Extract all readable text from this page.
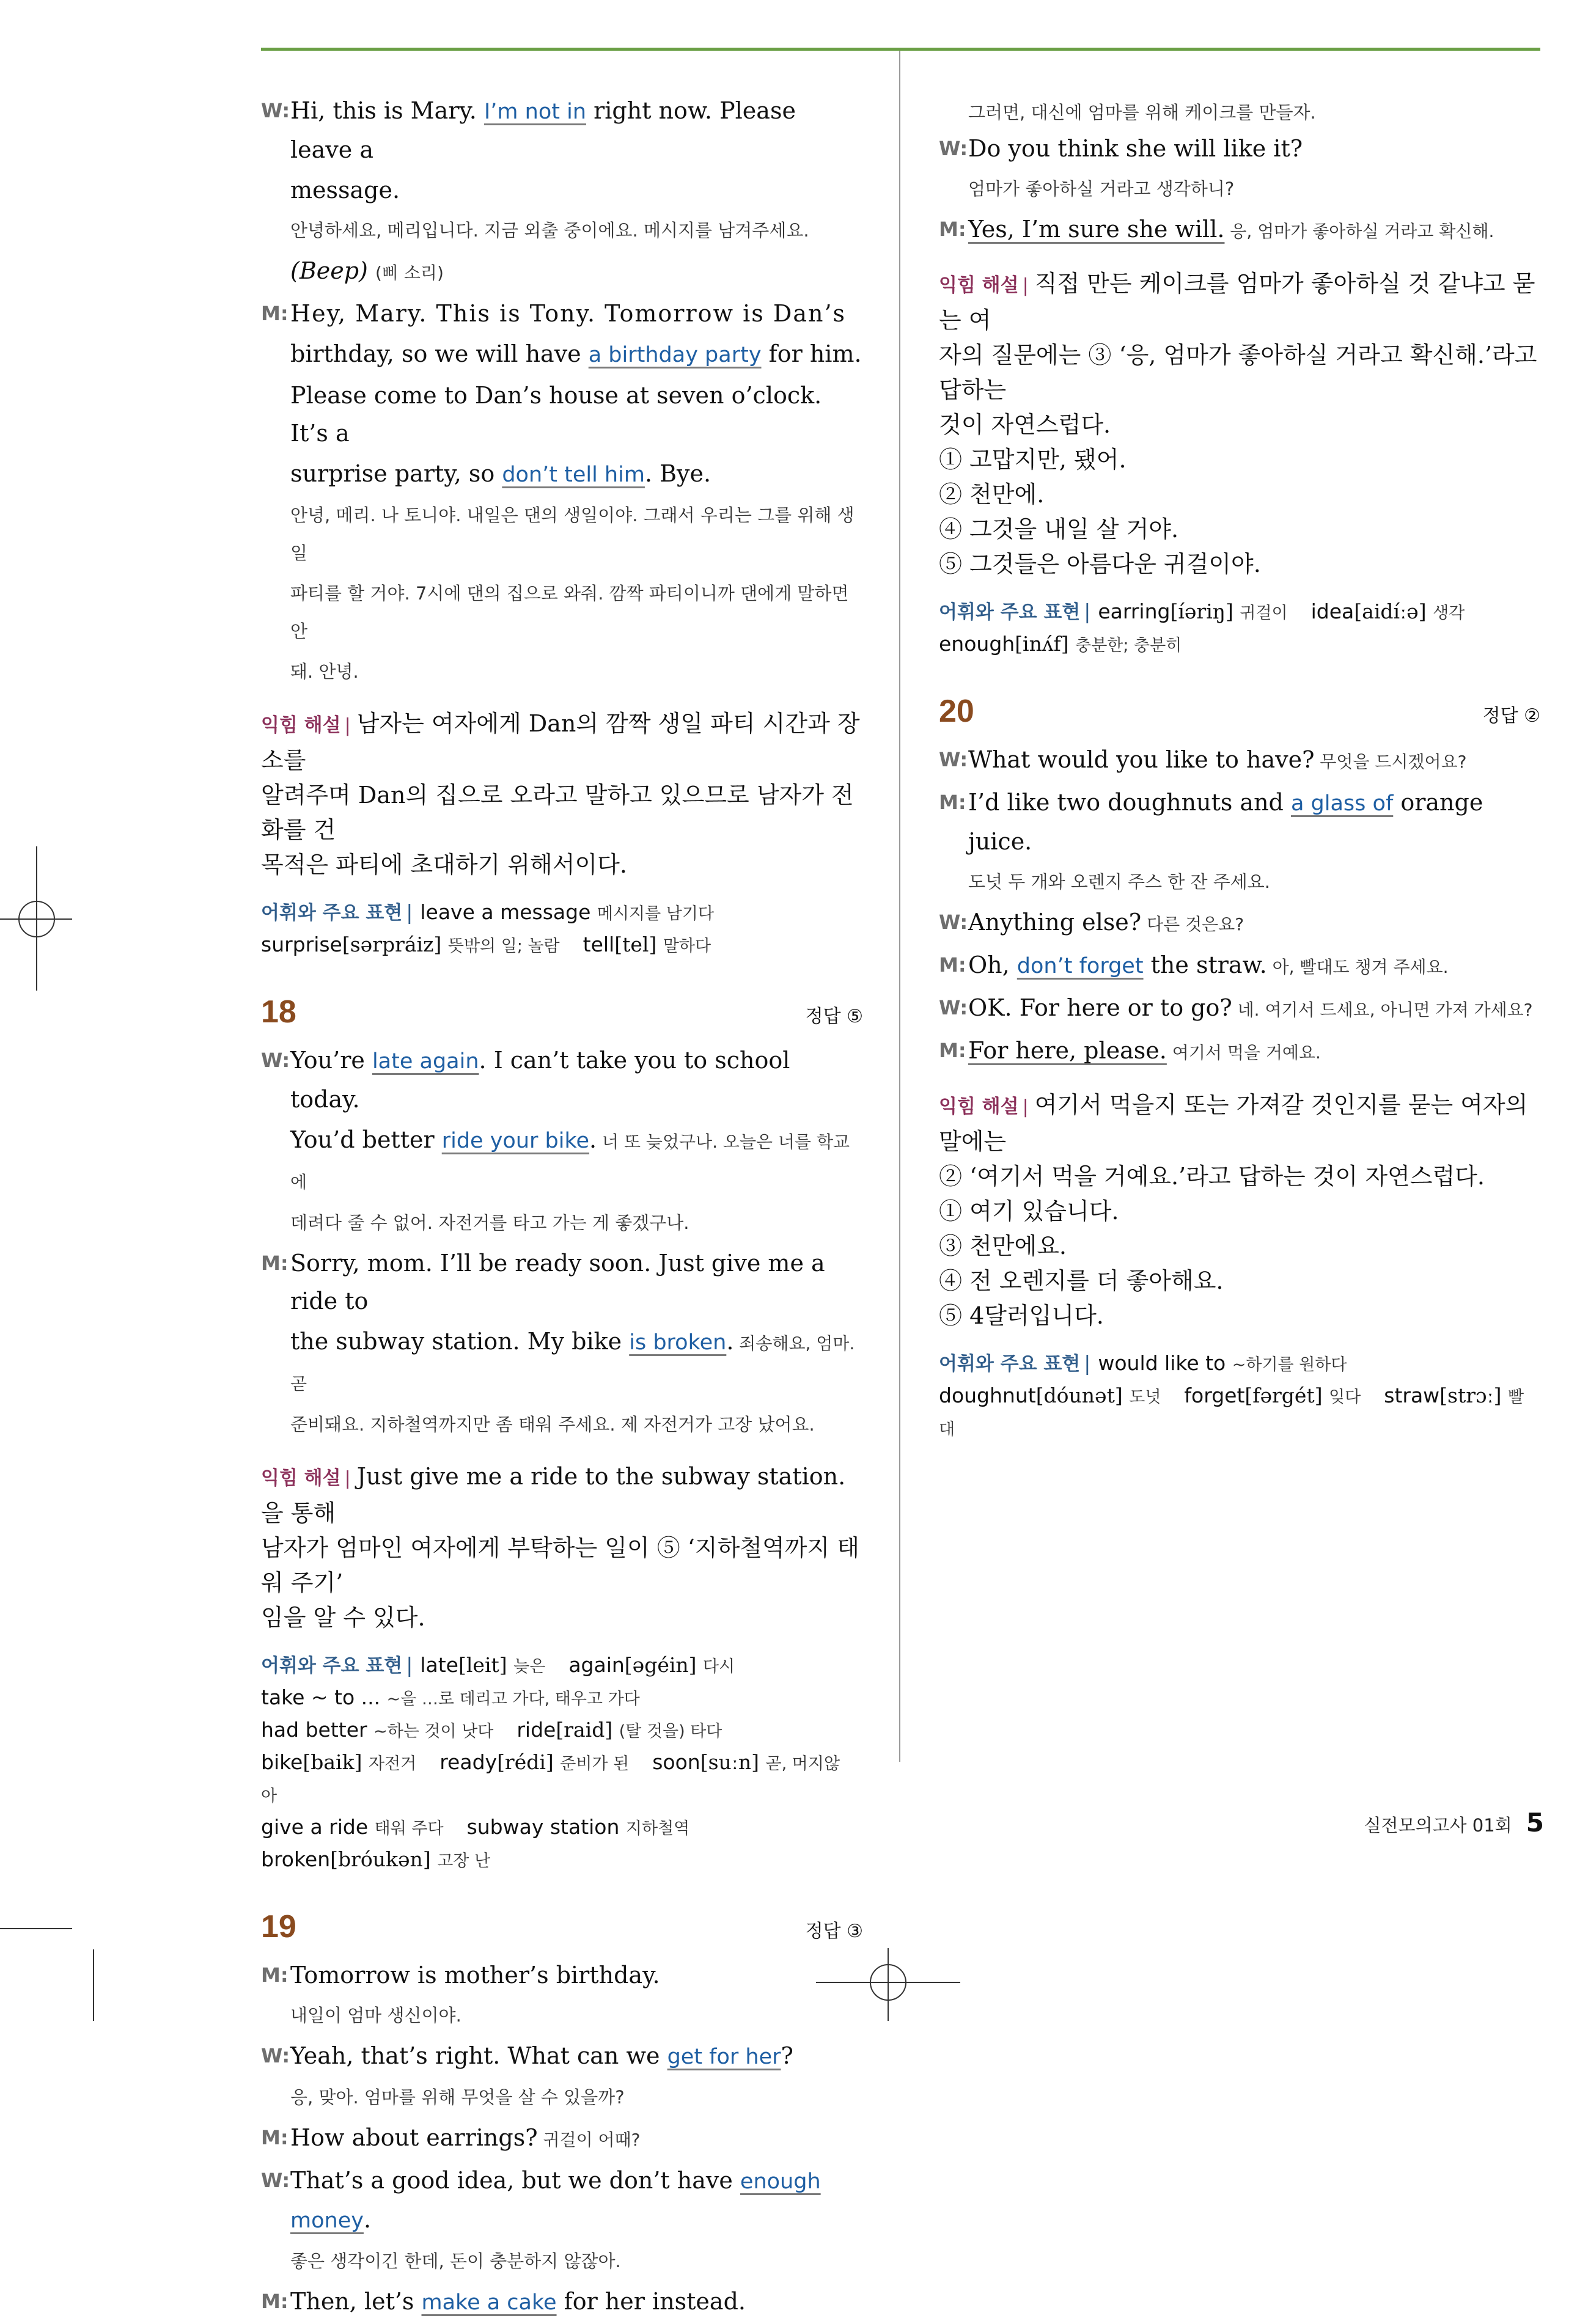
W: Hi, this is Mary. I’m not in right now. Please leave a
message.
안녕하세요, 메리입니다. 지금 외출 중이에요. 메시지를 남겨주세요.
(Beep) (삐 소리)
M: Hey, Mary. This is Tony. Tomorrow is Dan’s
birthday, so we will have a birthday party for him.
Please come to Dan’s house at seven o’clock. It’s a
surprise party, so don’t tell him. Bye.
안녕, 메리. 나 토니야. 내일은 댄의 생일이야. 그래서 우리는 그를 위해 생일
파티를 할 거야. 7시에 댄의 집으로 와줘. 깜짝 파티이니까 댄에게 말하면 안
돼. 안녕.
익힘 해설 | 남자는 여자에게 Dan의 깜짝 생일 파티 시간과 장소를
알려주며 Dan의 집으로 오라고 말하고 있으므로 남자가 전화를 건
목적은 파티에 초대하기 위해서이다.
어휘와 주요 표현 | leave a message 메시지를 남기다
surprise[sərpráiz] 뜻밖의 일; 놀람 tell[tel] 말하다
18	정답 ⑤
W: You’re late again. I can’t take you to school today.
You’d better ride your bike. 너 또 늦었구나. 오늘은 너를 학교에
데려다 줄 수 없어. 자전거를 타고 가는 게 좋겠구나.
M: Sorry, mom. I’ll be ready soon. Just give me a ride to
the subway station. My bike is broken. 죄송해요, 엄마. 곧
준비돼요. 지하철역까지만 좀 태워 주세요. 제 자전거가 고장 났어요.
익힘 해설 | Just give me a ride to the subway station.을 통해
남자가 엄마인 여자에게 부탁하는 일이 ⑤ ‘지하철역까지 태워 주기’
임을 알 수 있다.
어휘와 주요 표현 | late[leit] 늦은 again[əgéin] 다시
take ~ to ... ~을 …로 데리고 가다, 태우고 가다
had better ~하는 것이 낫다 ride[raid] (탈 것을) 타다
bike[baik] 자전거 ready[rédi] 준비가 된 soon[suːn] 곧, 머지않아
give a ride 태워 주다 subway station 지하철역
broken[bróukən] 고장 난
19	정답 ③
M: Tomorrow is mother’s birthday.
내일이 엄마 생신이야.
W: Yeah, that’s right. What can we get for her?
응, 맞아. 엄마를 위해 무엇을 살 수 있을까?
M: How about earrings? 귀걸이 어때?
W: That’s a good idea, but we don’t have enough money.
좋은 생각이긴 한데, 돈이 충분하지 않잖아.
M: Then, let’s make a cake for her instead.
그러면, 대신에 엄마를 위해 케이크를 만들자.
W: Do you think she will like it?
엄마가 좋아하실 거라고 생각하니?
M: Yes, I’m sure she will. 응, 엄마가 좋아하실 거라고 확신해.
익힘 해설 | 직접 만든 케이크를 엄마가 좋아하실 것 같냐고 묻는 여
자의 질문에는 ③ ‘응, 엄마가 좋아하실 거라고 확신해.’라고 답하는
것이 자연스럽다.
① 고맙지만, 됐어.
② 천만에.
④ 그것을 내일 살 거야.
⑤ 그것들은 아름다운 귀걸이야.
어휘와 주요 표현 | earring[íəriŋ] 귀걸이 idea[aidíːə] 생각
enough[inʌ́f] 충분한; 충분히
20	정답 ②
W: What would you like to have? 무엇을 드시겠어요?
M: I’d like two doughnuts and a glass of orange juice.
도넛 두 개와 오렌지 주스 한 잔 주세요.
W: Anything else? 다른 것은요?
M: Oh, don’t forget the straw. 아, 빨대도 챙겨 주세요.
W: OK. For here or to go? 네. 여기서 드세요, 아니면 가져 가세요?
M: For here, please. 여기서 먹을 거예요.
익힘 해설 | 여기서 먹을지 또는 가져갈 것인지를 묻는 여자의 말에는
② ‘여기서 먹을 거예요.’라고 답하는 것이 자연스럽다.
① 여기 있습니다.
③ 천만에요.
④ 전 오렌지를 더 좋아해요.
⑤ 4달러입니다.
어휘와 주요 표현 | would like to ~하기를 원하다
doughnut[dóunət] 도넛 forget[fərgét] 잊다 straw[strɔː] 빨대
실전모의고사 01회 5
